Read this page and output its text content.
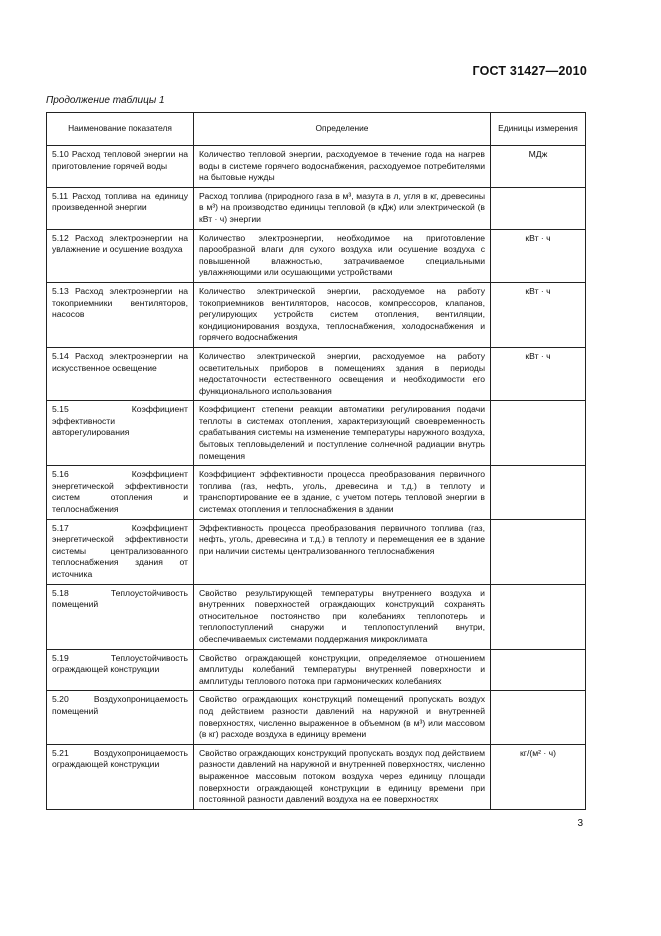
ГОСТ 31427—2010
Продолжение таблицы 1
Наименование показателя	Определение	Единицы измерения
5.10 Расход тепловой энергии на приготовление горячей воды	Количество тепловой энергии, расходуемое в течение года на нагрев воды в системе горячего водоснабжения, расходуемое потребителями на бытовые нужды	МДж
5.11 Расход топлива на единицу произведенной энергии	Расход топлива (природного газа в м³, мазута в л, угля в кг, древесины в м³) на производство единицы тепловой (в кДж) или электрической (в кВт · ч) энергии	
5.12 Расход электроэнергии на увлажнение и осушение воздуха	Количество электроэнергии, необходимое на приготовление парообразной влаги для сухого воздуха или осушение воздуха с повышенной влажностью, затрачиваемое специальными увлажняющими или осушающими устройствами	кВт · ч
5.13 Расход электроэнергии на токоприемники вентиляторов, насосов	Количество электрической энергии, расходуемое на работу токоприемников вентиляторов, насосов, компрессоров, клапанов, регулирующих устройств систем отопления, вентиляции, кондиционирования воздуха, теплоснабжения, холодоснабжения и горячего водоснабжения	кВт · ч
5.14 Расход электроэнергии на искусственное освещение	Количество электрической энергии, расходуемое на работу осветительных приборов в помещениях здания в периоды недостаточности естественного освещения и необходимости его функционального использования	кВт · ч
5.15 Коэффициент эффективности авторегулирования	Коэффициент степени реакции автоматики регулирования подачи теплоты в системах отопления, характеризующий своевременность срабатывания системы на изменение температуры наружного воздуха, бытовых тепловыделений и поступление солнечной радиации внутрь помещения	
5.16 Коэффициент энергетической эффективности систем отопления и теплоснабжения	Коэффициент эффективности процесса преобразования первичного топлива (газ, нефть, уголь, древесина и т.д.) в теплоту и транспортирование ее в здание, с учетом потерь тепловой энергии в системах отопления и теплоснабжения в здании	
5.17 Коэффициент энергетической эффективности системы централизованного теплоснабжения здания от источника	Эффективность процесса преобразования первичного топлива (газ, нефть, уголь, древесина и т.д.) в теплоту и перемещения ее в здание при наличии системы централизованного теплоснабжения	
5.18 Теплоустойчивость помещений	Свойство результирующей температуры внутреннего воздуха и внутренних поверхностей ограждающих конструкций сохранять относительное постоянство при колебаниях теплопотерь и теплопоступлений снаружи и теплопоступлений внутри, обеспечиваемых системами поддержания микроклимата	
5.19 Теплоустойчивость ограждающей конструкции	Свойство ограждающей конструкции, определяемое отношением амплитуды колебаний температуры внутренней поверхности и амплитуды теплового потока при гармонических колебаниях	
5.20 Воздухопроницаемость помещений	Свойство ограждающих конструкций помещений пропускать воздух под действием разности давлений на наружной и внутренней поверхностях, численно выраженное в объемном (в м³) или массовом (в кг) расходе воздуха в единицу времени	
5.21 Воздухопроницаемость ограждающей конструкции	Свойство ограждающих конструкций пропускать воздух под действием разности давлений на наружной и внутренней поверхностях, численно выраженное массовым потоком воздуха через единицу площади поверхности ограждающей конструкции в единицу времени при постоянной разности давлений воздуха на ее поверхностях	кг/(м² · ч)
3
